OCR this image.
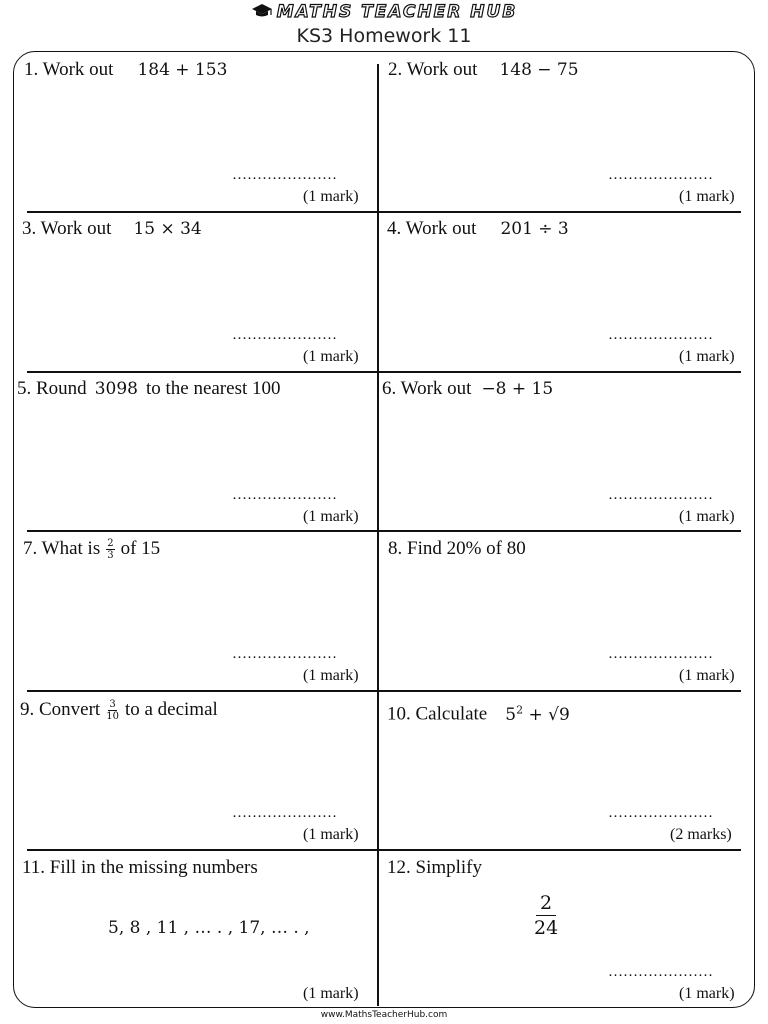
MATHS TEACHER HUB
KS3 Homework 11
1. Work out 184 + 153
…………………
(1 mark)
2. Work out 148 − 75
…………………
(1 mark)
3. Work out 15 × 34
…………………
(1 mark)
4. Work out 201 ÷ 3
…………………
(1 mark)
5. Round 3098 to the nearest 100
…………………
(1 mark)
6. Work out −8 + 15
…………………
(1 mark)
7. What is $\frac{2}{3}$ of 15
…………………
(1 mark)
8. Find 20% of 80
…………………
(1 mark)
9. Convert $\frac{3}{10}$ to a decimal
…………………
(1 mark)
10. Calculate $5^2 + √9$
…………………
(2 marks)
11. Fill in the missing numbers
5, 8 , 11 , … . , 17, … . ,
(1 mark)
12. Simplify
$\frac{2}{24}$
…………………
(1 mark)
www.MathsTeacherHub.com
